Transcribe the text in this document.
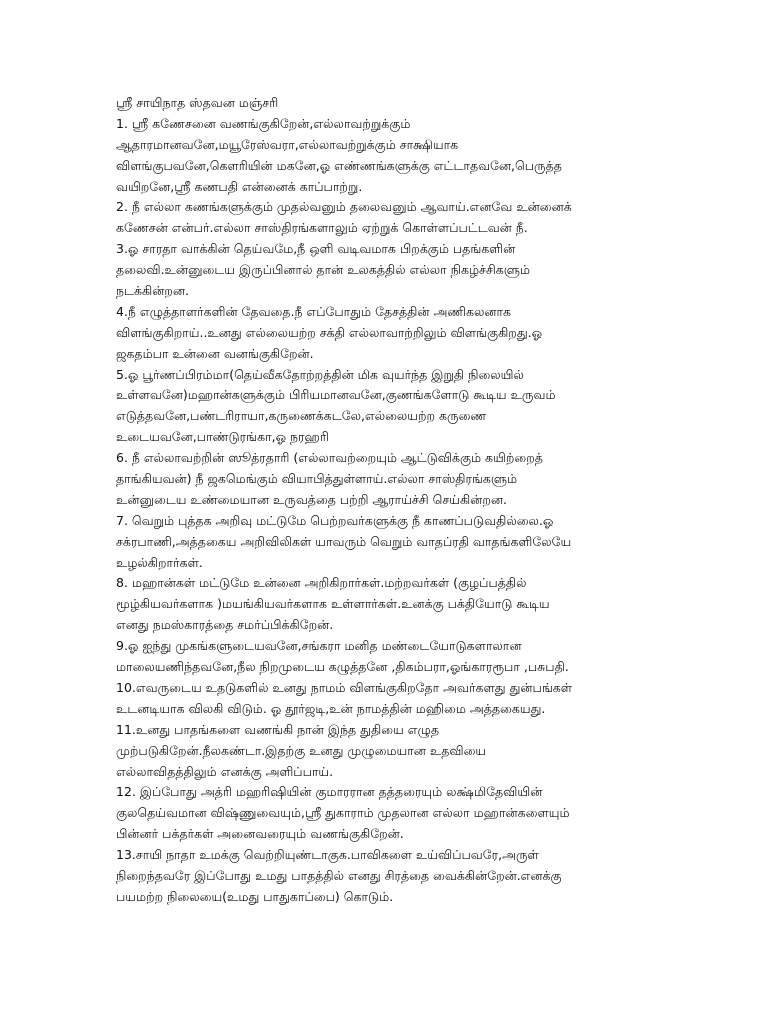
ஸ்ரீ சாயிநாத ஸ்தவன மஞ்சரி
1. ஸ்ரீ கணேசனை வணங்குகிறேன்,எல்லாவற்றுக்கும்
ஆதாரமானவனே,மயூரேஸ்வரா,எல்லாவற்றுக்கும் சாக்ஷியாக
விளங்குபவனே,கௌரியின் மகனே,ஓ எண்ணங்களுக்கு எட்டாதவனே,பெருத்த
வயிறனே,ஸ்ரீ கணபதி என்னைக் காப்பாற்று.
2. நீ எல்லா கணங்களுக்கும் முதல்வனும் தலைவனும் ஆவாய்.எனவே உன்னைக்
கணேசன் என்பர்.எல்லா சாஸ்திரங்களாலும் ஏற்றுக் கொள்ளப்பட்டவன் நீ.
3.ஓ சாரதா வாக்கின் தெய்வமே,நீ ஒளி வடிவமாக பிறக்கும் பதங்களின்
தலைவி.உன்னுடைய இருப்பினால் தான் உலகத்தில் எல்லா நிகழ்ச்சிகளும்
நடக்கின்றன.
4.நீ எழுத்தாளர்களின் தேவதை.நீ எப்போதும் தேசத்தின் அணிகலனாக
விளங்குகிறாய்..உனது எல்லையற்ற சக்தி எல்லாவாற்றிலும் விளங்குகிறது.ஓ
ஜகதம்பா உன்னை வனங்குகிறேன்.
5.ஓ பூர்ணப்பிரம்மா(தெய்வீகதோற்றத்தின் மிக வுயர்ந்த இறுதி நிலையில்
உள்ளவனே)மஹான்களுக்கும் பிரியமானவனே,குணங்களோடு கூடிய உருவம்
எடுத்தவனே,பண்டரிராயா,கருணைக்கடலே,எல்லையற்ற கருணை
உடையவனே,பாண்டுரங்கா,ஓ நரஹரி
6. நீ எல்லாவற்றின் ஸூத்ரதாரி (எல்லாவற்றையும் ஆட்டுவிக்கும் கயிற்றைத்
தாங்கியவன்) நீ ஜகமெங்கும் வியாபித்துள்ளாய்.எல்லா சாஸ்திரங்களும்
உன்னுடைய உண்மையான உருவத்தை பற்றி ஆராய்ச்சி செய்கின்றன.
7. வெறும் புத்தக அறிவு மட்டுமே பெற்றவர்களுக்கு நீ காணப்படுவதில்லை.ஓ
சக்ரபாணி,அத்தகைய அறிவிலிகள் யாவரும் வெறும் வாதப்ரதி வாதங்களிலேயே
உழல்கிறார்கள்.
8. மஹான்கள் மட்டுமே உன்னை அறிகிறார்கள்.மற்றவர்கள் (குழப்பத்தில்
மூழ்கியவர்களாக )மயங்கியவர்களாக உள்ளார்கள்.உனக்கு பக்தியோடு கூடிய
எனது நமஸ்காரத்தை சமர்ப்பிக்கிறேன்.
9.ஓ ஐந்து முகங்களுடையவனே,சங்கரா மனித மண்டையோடுகளாலான
மாலையணிந்தவனே,நீல நிறமுடைய கழுத்தனே ,திகம்பரா,ஓங்காரரூபா ,பசுபதி.
10.எவருடைய உதடுகளில் உனது நாமம் விளங்குகிறதோ அவர்களது துன்பங்கள்
உடனடியாக விலகி விடும். ஓ தூர்ஜடி,உன் நாமத்தின் மஹிமை அத்தகையது.
11.உனது பாதங்களை வணங்கி நான் இந்த துதியை எழுத
முற்படுகிறேன்.நீலகண்டா.இதற்கு உனது முழுமையான உதவியை
எல்லாவிதத்திலும் எனக்கு அளிப்பாய்.
12. இப்போது அத்ரி மஹரிஷியின் குமாரரான தத்தரையும் லக்ஷ்மிதேவியின்
குலதெய்வமான விஷ்ணுவையும்,ஸ்ரீ துகாராம் முதலான எல்லா மஹான்களையும்
பின்னர் பக்தர்கள் அனைவரையும் வணங்குகிறேன்.
13.சாயி நாதா உமக்கு வெற்றியுண்டாகுக.பாவிகளை உய்விப்பவரே,அருள்
நிறைந்தவரே இப்போது உமது பாதத்தில் எனது சிரத்தை வைக்கின்றேன்.எனக்கு
பயமற்ற நிலையை(உமது பாதுகாப்பை) கொடும்.
